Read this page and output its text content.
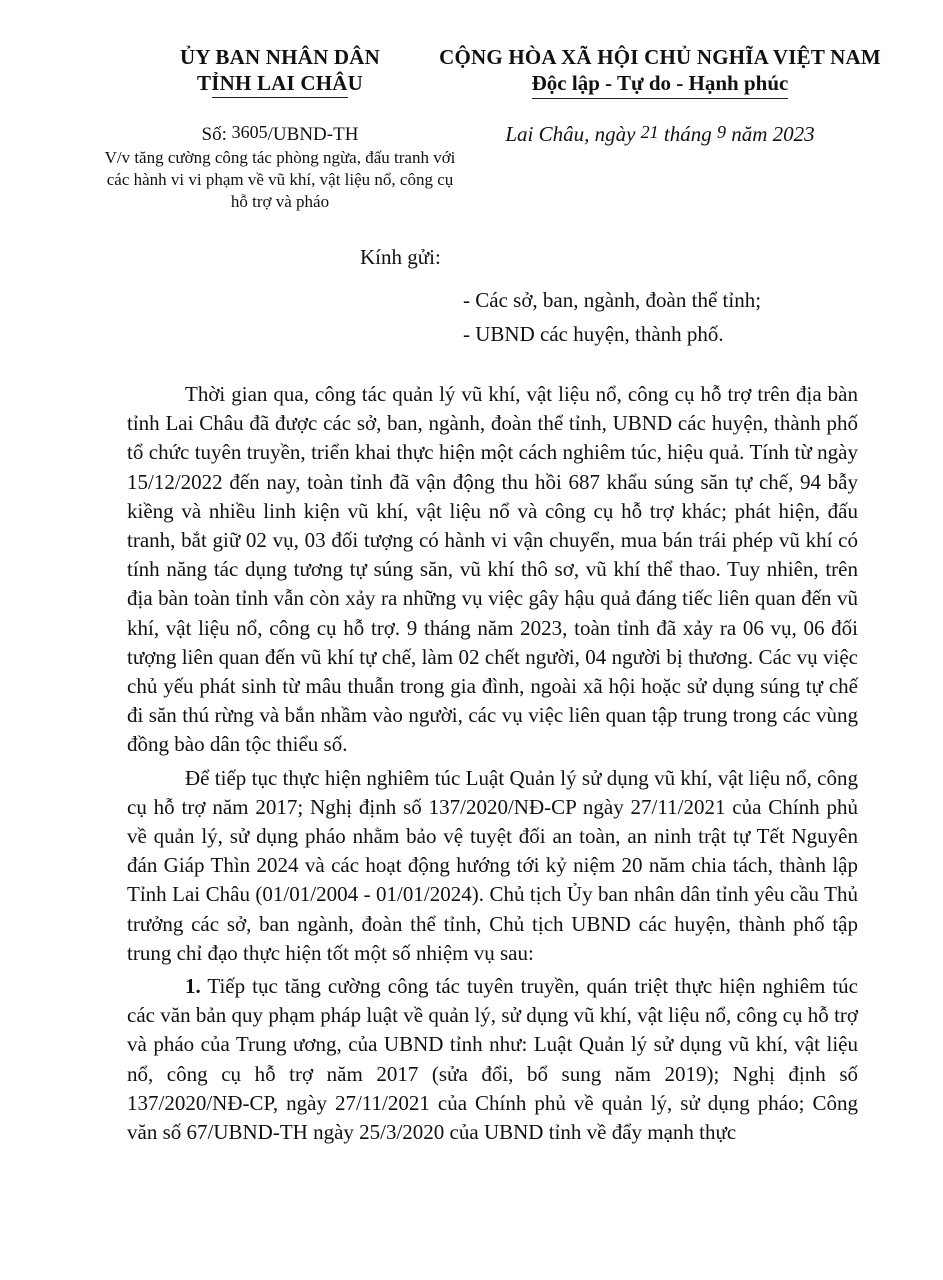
ỦY BAN NHÂN DÂN
TỈNH LAI CHÂU
CỘNG HÒA XÃ HỘI CHỦ NGHĨA VIỆT NAM
Độc lập - Tự do - Hạnh phúc
Số: 3605/UBND-TH
V/v tăng cường công tác phòng ngừa, đấu tranh với các hành vi vi phạm về vũ khí, vật liệu nổ, công cụ hỗ trợ và pháo
Lai Châu, ngày 21 tháng 9 năm 2023
Kính gửi:
- Các sở, ban, ngành, đoàn thể tỉnh;
- UBND các huyện, thành phố.

Thời gian qua, công tác quản lý vũ khí, vật liệu nổ, công cụ hỗ trợ trên địa bàn tỉnh Lai Châu đã được các sở, ban, ngành, đoàn thể tỉnh, UBND các huyện, thành phố tổ chức tuyên truyền, triển khai thực hiện một cách nghiêm túc, hiệu quả. Tính từ ngày 15/12/2022 đến nay, toàn tỉnh đã vận động thu hồi 687 khẩu súng săn tự chế, 94 bẫy kiềng và nhiều linh kiện vũ khí, vật liệu nổ và công cụ hỗ trợ khác; phát hiện, đấu tranh, bắt giữ 02 vụ, 03 đối tượng có hành vi vận chuyển, mua bán trái phép vũ khí có tính năng tác dụng tương tự súng săn, vũ khí thô sơ, vũ khí thể thao. Tuy nhiên, trên địa bàn toàn tỉnh vẫn còn xảy ra những vụ việc gây hậu quả đáng tiếc liên quan đến vũ khí, vật liệu nổ, công cụ hỗ trợ. 9 tháng năm 2023, toàn tỉnh đã xảy ra 06 vụ, 06 đối tượng liên quan đến vũ khí tự chế, làm 02 chết người, 04 người bị thương. Các vụ việc chủ yếu phát sinh từ mâu thuẫn trong gia đình, ngoài xã hội hoặc sử dụng súng tự chế đi săn thú rừng và bắn nhầm vào người, các vụ việc liên quan tập trung trong các vùng đồng bào dân tộc thiểu số.

Để tiếp tục thực hiện nghiêm túc Luật Quản lý sử dụng vũ khí, vật liệu nổ, công cụ hỗ trợ năm 2017; Nghị định số 137/2020/NĐ-CP ngày 27/11/2021 của Chính phủ về quản lý, sử dụng pháo nhằm bảo vệ tuyệt đối an toàn, an ninh trật tự Tết Nguyên đán Giáp Thìn 2024 và các hoạt động hướng tới kỷ niệm 20 năm chia tách, thành lập Tỉnh Lai Châu (01/01/2004 - 01/01/2024). Chủ tịch Ủy ban nhân dân tỉnh yêu cầu Thủ trưởng các sở, ban ngành, đoàn thể tỉnh, Chủ tịch UBND các huyện, thành phố tập trung chỉ đạo thực hiện tốt một số nhiệm vụ sau:

1. Tiếp tục tăng cường công tác tuyên truyền, quán triệt thực hiện nghiêm túc các văn bản quy phạm pháp luật về quản lý, sử dụng vũ khí, vật liệu nổ, công cụ hỗ trợ và pháo của Trung ương, của UBND tỉnh như: Luật Quản lý sử dụng vũ khí, vật liệu nổ, công cụ hỗ trợ năm 2017 (sửa đổi, bổ sung năm 2019); Nghị định số 137/2020/NĐ-CP, ngày 27/11/2021 của Chính phủ về quản lý, sử dụng pháo; Công văn số 67/UBND-TH ngày 25/3/2020 của UBND tỉnh về đẩy mạnh thực
